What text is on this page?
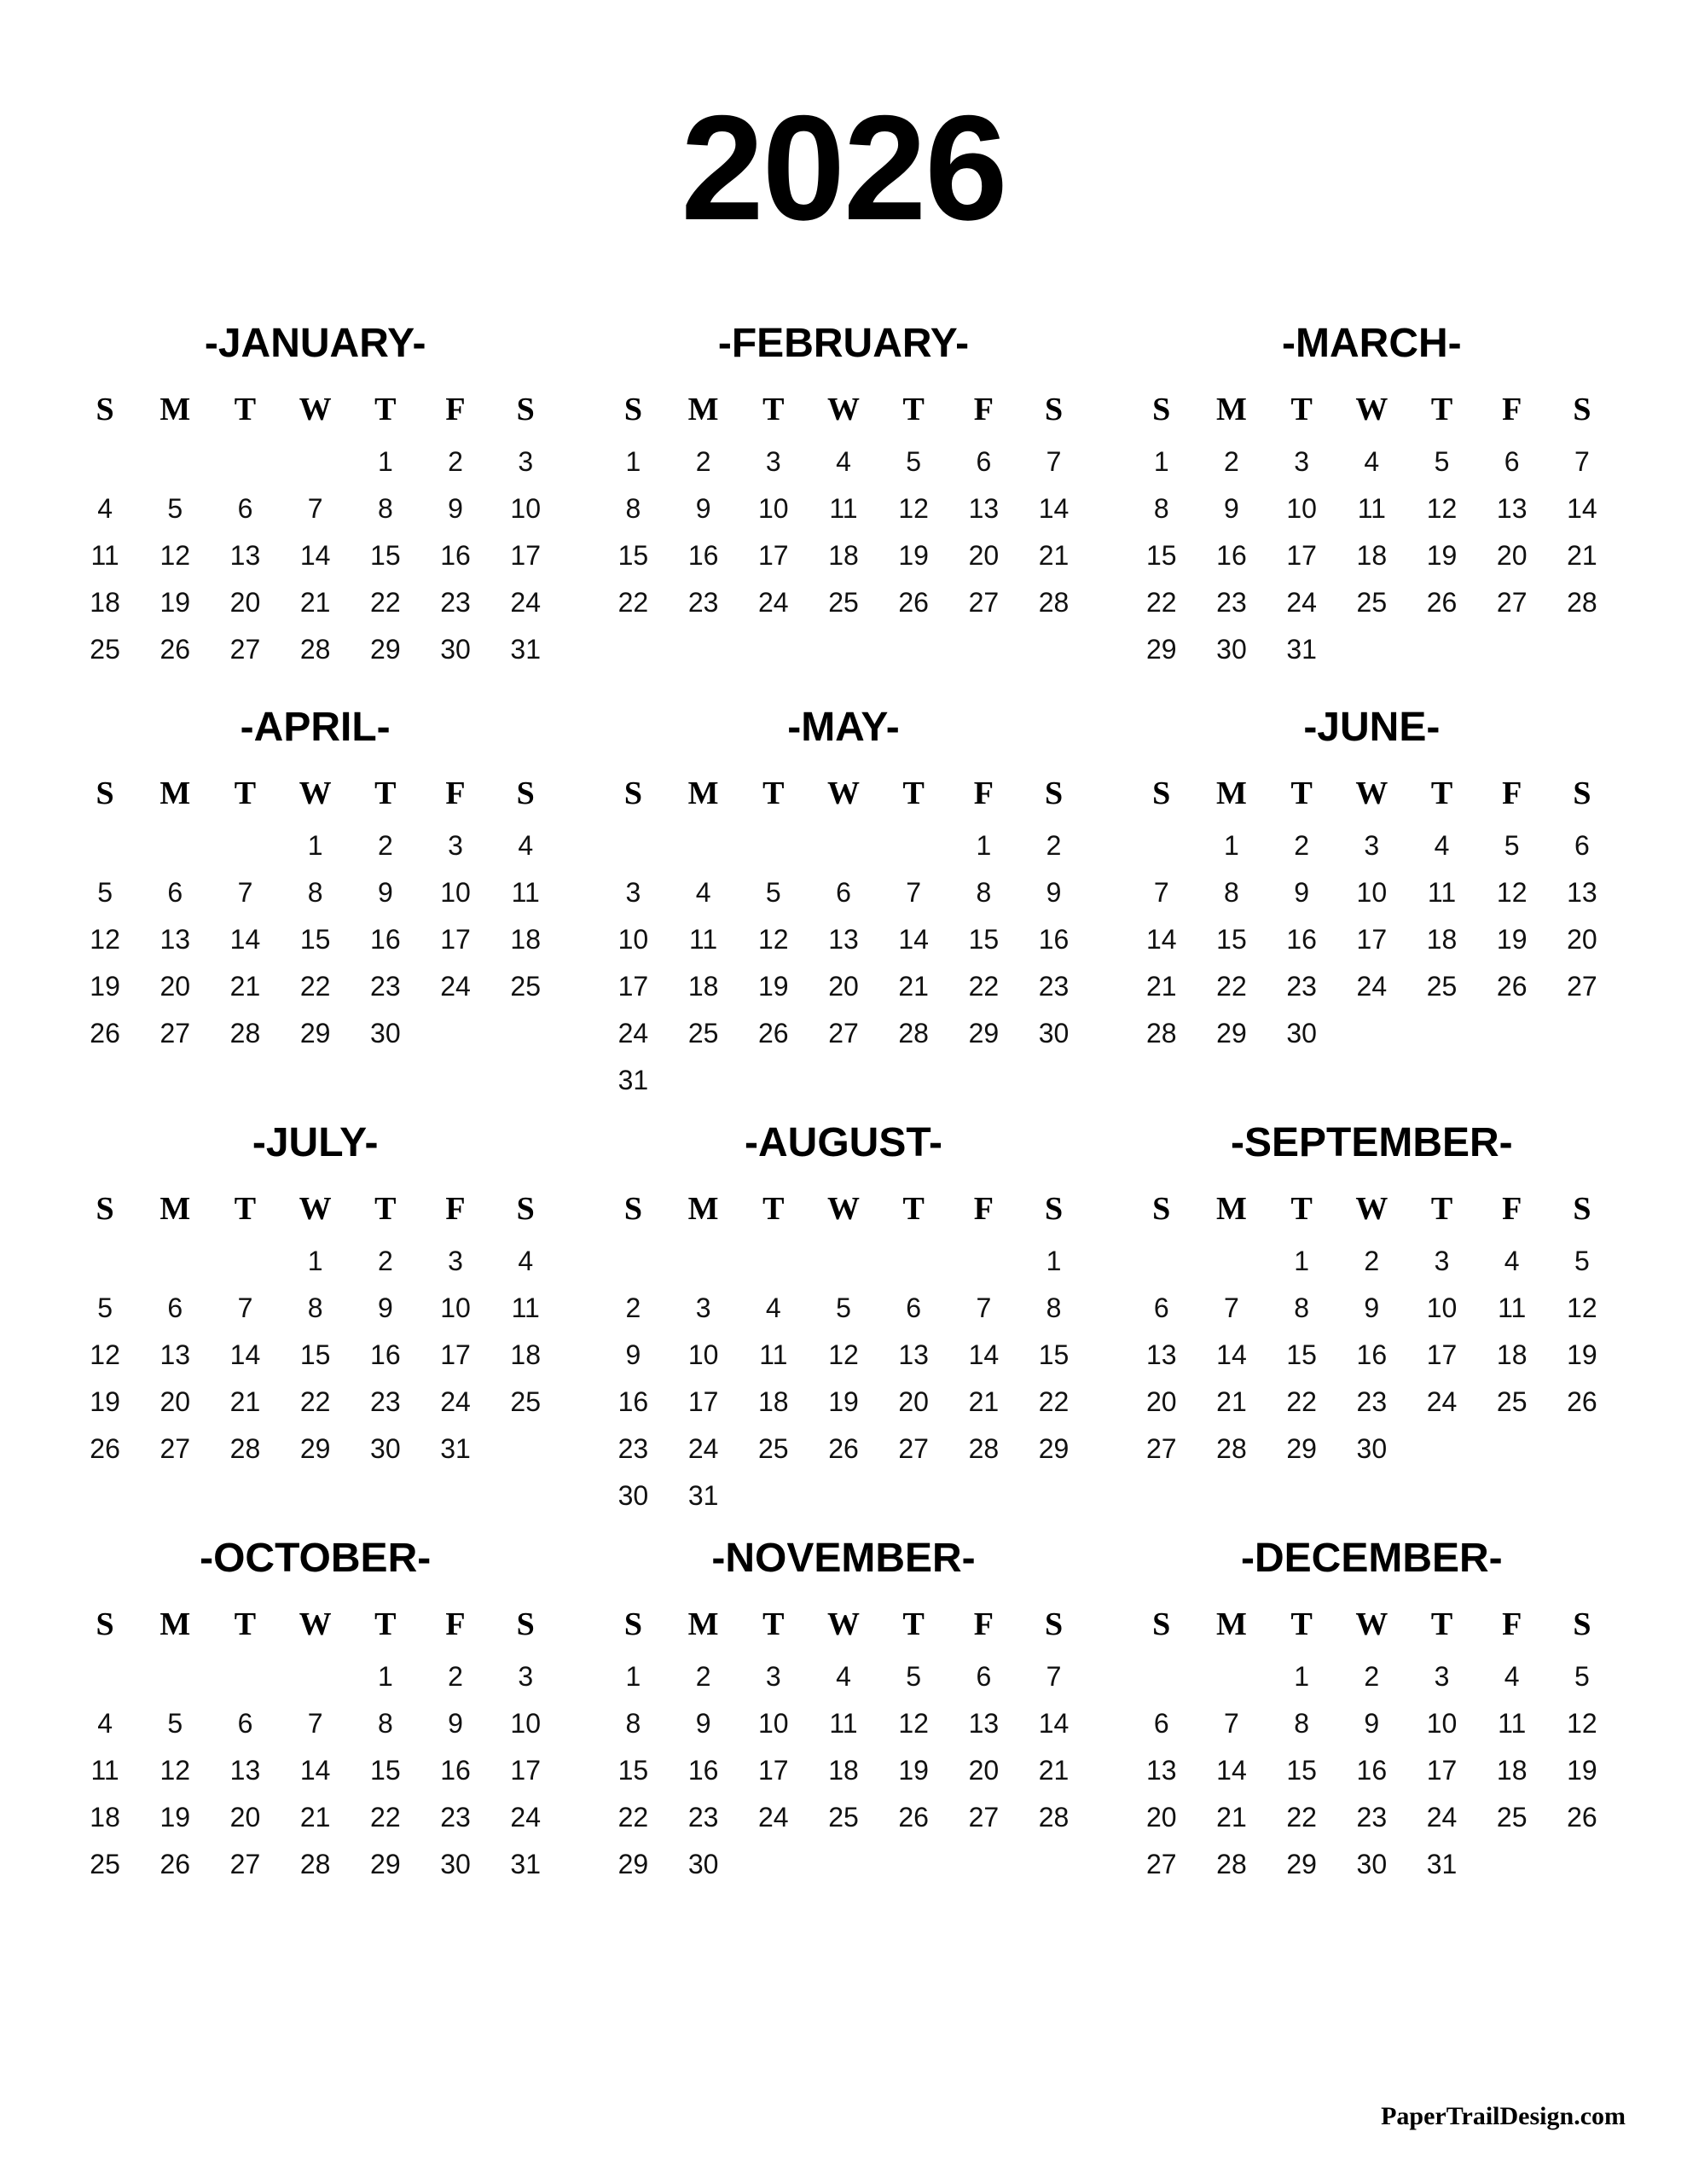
2026
-JANUARY-
S	M	T	W	T	F	S
				1	2	3
4	5	6	7	8	9	10
11	12	13	14	15	16	17
18	19	20	21	22	23	24
25	26	27	28	29	30	31

-FEBRUARY-
S	M	T	W	T	F	S
1	2	3	4	5	6	7
8	9	10	11	12	13	14
15	16	17	18	19	20	21
22	23	24	25	26	27	28

-MARCH-
S	M	T	W	T	F	S
1	2	3	4	5	6	7
8	9	10	11	12	13	14
15	16	17	18	19	20	21
22	23	24	25	26	27	28
29	30	31				

-APRIL-
S	M	T	W	T	F	S
			1	2	3	4
5	6	7	8	9	10	11
12	13	14	15	16	17	18
19	20	21	22	23	24	25
26	27	28	29	30		

-MAY-
S	M	T	W	T	F	S
					1	2
3	4	5	6	7	8	9
10	11	12	13	14	15	16
17	18	19	20	21	22	23
24	25	26	27	28	29	30
31						
-JUNE-
S	M	T	W	T	F	S
	1	2	3	4	5	6
7	8	9	10	11	12	13
14	15	16	17	18	19	20
21	22	23	24	25	26	27
28	29	30				

-JULY-
S	M	T	W	T	F	S
			1	2	3	4
5	6	7	8	9	10	11
12	13	14	15	16	17	18
19	20	21	22	23	24	25
26	27	28	29	30	31	

-AUGUST-
S	M	T	W	T	F	S
						1
2	3	4	5	6	7	8
9	10	11	12	13	14	15
16	17	18	19	20	21	22
23	24	25	26	27	28	29
30	31					
-SEPTEMBER-
S	M	T	W	T	F	S
		1	2	3	4	5
6	7	8	9	10	11	12
13	14	15	16	17	18	19
20	21	22	23	24	25	26
27	28	29	30			

-OCTOBER-
S	M	T	W	T	F	S
				1	2	3
4	5	6	7	8	9	10
11	12	13	14	15	16	17
18	19	20	21	22	23	24
25	26	27	28	29	30	31

-NOVEMBER-
S	M	T	W	T	F	S
1	2	3	4	5	6	7
8	9	10	11	12	13	14
15	16	17	18	19	20	21
22	23	24	25	26	27	28
29	30					

-DECEMBER-
S	M	T	W	T	F	S
		1	2	3	4	5
6	7	8	9	10	11	12
13	14	15	16	17	18	19
20	21	22	23	24	25	26
27	28	29	30	31		

PaperTrailDesign.com
